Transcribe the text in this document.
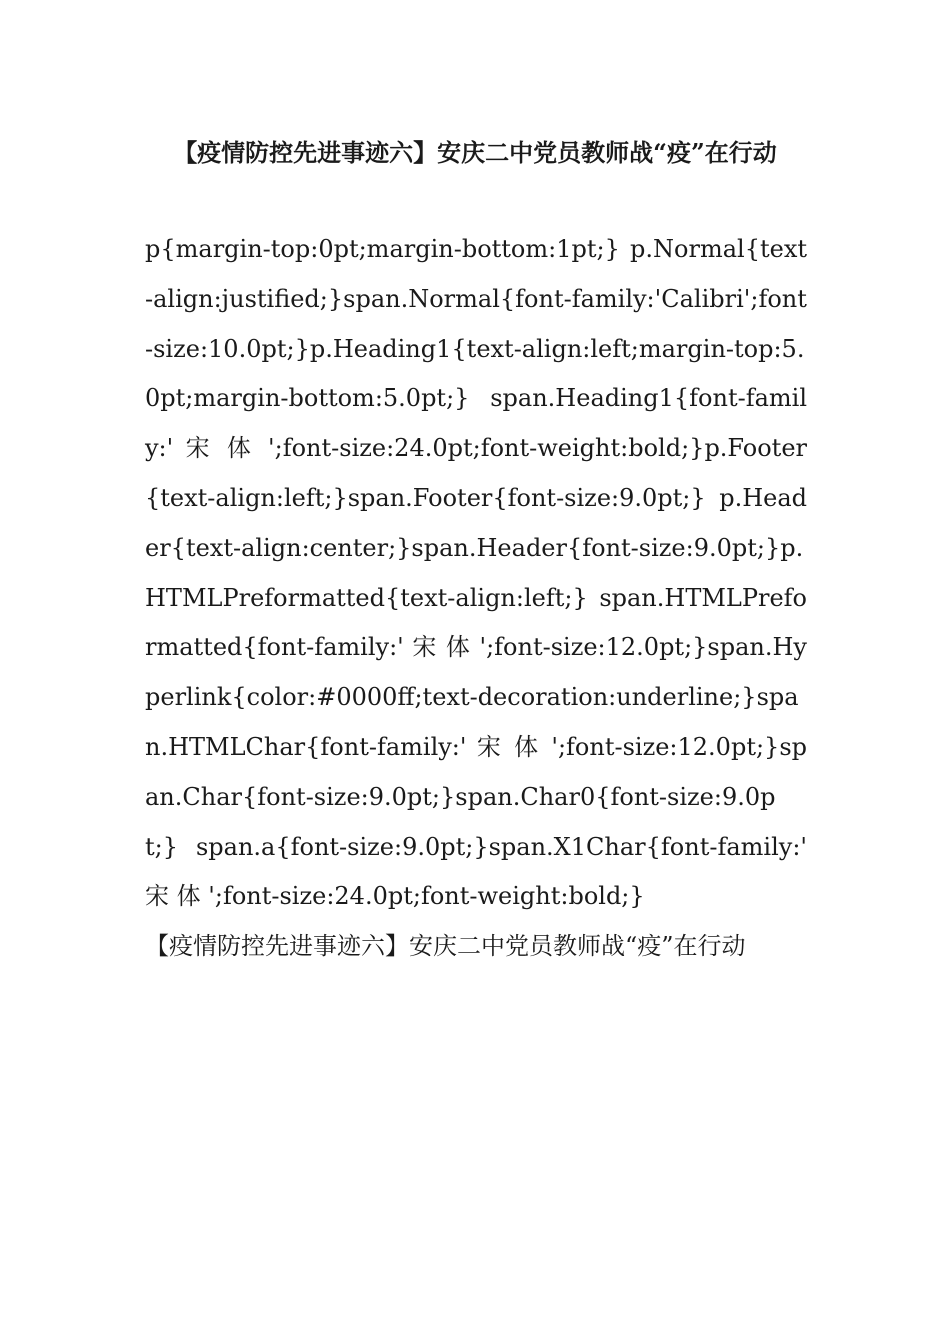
【疫情防控先进事迹六】安庆二中党员教师战“疫”在行动

p{margin-top:0pt;margin-bottom:1pt;} p.Normal{text-align:justified;}span.Normal{font-family:'Calibri';font-size:10.0pt;}p.Heading1{text-align:left;margin-top:5.0pt;margin-bottom:5.0pt;} span.Heading1{font-family:' 宋 体 ';font-size:24.0pt;font-weight:bold;}p.Footer{text-align:left;}span.Footer{font-size:9.0pt;} p.Header{text-align:center;}span.Header{font-size:9.0pt;}p.HTMLPreformatted{text-align:left;} span.HTMLPreformatted{font-family:' 宋 体 ';font-size:12.0pt;}span.Hyperlink{color:#0000ff;text-decoration:underline;}span.HTMLChar{font-family:' 宋 体 ';font-size:12.0pt;}span.Char{font-size:9.0pt;}span.Char0{font-size:9.0pt;} span.a{font-size:9.0pt;}span.X1Char{font-family:' 宋 体 ';font-size:24.0pt;font-weight:bold;}

【疫情防控先进事迹六】安庆二中党员教师战“疫”在行动
